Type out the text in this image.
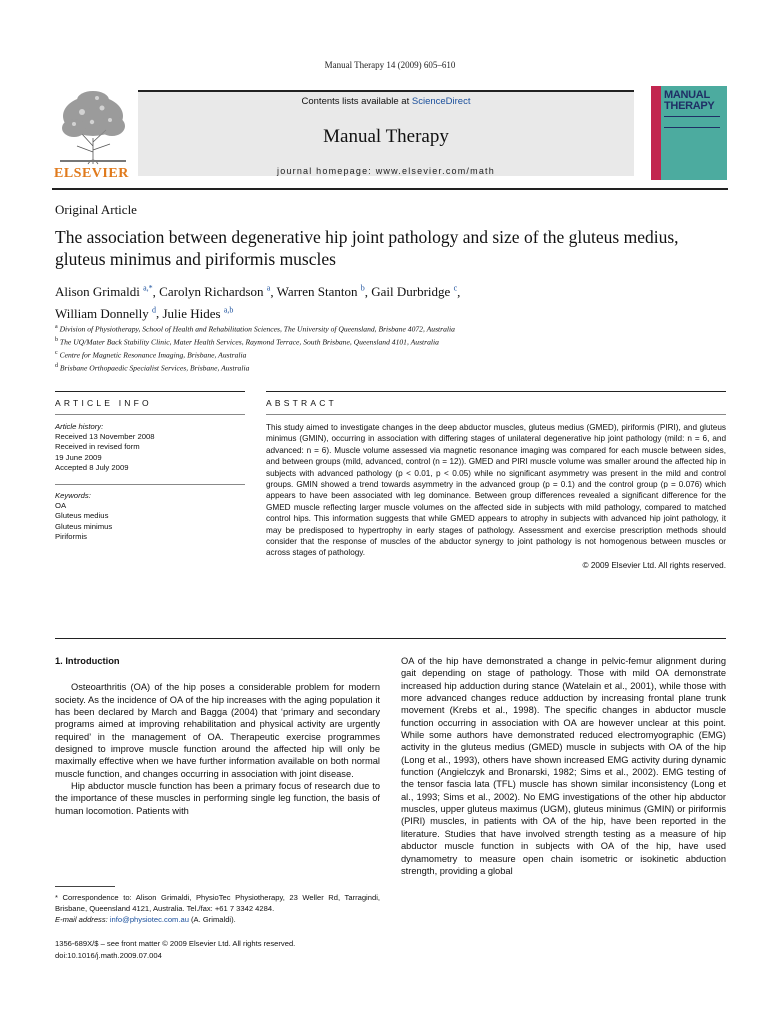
Manual Therapy 14 (2009) 605–610
ELSEVIER
Contents lists available at ScienceDirect
Manual Therapy
journal homepage: www.elsevier.com/math
MANUAL
THERAPY
Original Article
The association between degenerative hip joint pathology and size of the gluteus medius, gluteus minimus and piriformis muscles
Alison Grimaldi $^{a,*}$, Carolyn Richardson $^a$, Warren Stanton $^b$, Gail Durbridge $^c$,
William Donnelly $^d$, Julie Hides $^{a,b}$
$^a$ Division of Physiotherapy, School of Health and Rehabilitation Sciences, The University of Queensland, Brisbane 4072, Australia
$^b$ The UQ/Mater Back Stability Clinic, Mater Health Services, Raymond Terrace, South Brisbane, Queensland 4101, Australia
$^c$ Centre for Magnetic Resonance Imaging, Brisbane, Australia
$^d$ Brisbane Orthopaedic Specialist Services, Brisbane, Australia
ARTICLE INFO	ABSTRACT
Article history:
Received 13 November 2008
Received in revised form
19 June 2009
Accepted 8 July 2009
Keywords:
OA
Gluteus medius
Gluteus minimus
Piriformis
This study aimed to investigate changes in the deep abductor muscles, gluteus medius (GMED), piriformis (PIRI), and gluteus minimus (GMIN), occurring in association with differing stages of unilateral degenerative hip joint pathology (mild: n = 6, and advanced: n = 6). Muscle volume assessed via magnetic resonance imaging was compared for each muscle between sides, and between groups (mild, advanced, control (n = 12)). GMED and PIRI muscle volume was smaller around the affected hip in subjects with advanced pathology (p < 0.01, p < 0.05) while no significant asymmetry was present in the mild and control groups. GMIN showed a trend towards asymmetry in the advanced group (p = 0.1) and the control group (p = 0.076) which appears to have been associated with leg dominance. Between group differences revealed a significant difference for the GMED muscle reflecting larger muscle volumes on the affected side in subjects with mild pathology, compared to matched control hips. This information suggests that while GMED appears to atrophy in subjects with advanced hip joint pathology, it may be predisposed to hypertrophy in early stages of pathology. Assessment and exercise prescription methods should consider that the response of muscles of the abductor synergy to joint pathology is not homogenous between muscles or across stages of pathology.
© 2009 Elsevier Ltd. All rights reserved.
1. Introduction

Osteoarthritis (OA) of the hip poses a considerable problem for modern society. As the incidence of OA of the hip increases with the aging population it has been declared by March and Bagga (2004) that ‘primary and secondary programs aimed at improving rehabilitation and physical activity are urgently required’ in the management of OA. Therapeutic exercise programmes designed to improve muscle function around the affected hip will only be maximally effective when we have further information available on both normal muscle function, and changes occurring in association with joint disease.

Hip abductor muscle function has been a primary focus of research due to the importance of these muscles in performing single leg function, the basis of human locomotion. Patients with

OA of the hip have demonstrated a change in pelvic-femur alignment during gait depending on stage of pathology. Those with mild OA demonstrate increased hip adduction during stance (Watelain et al., 2001), while those with more advanced changes reduce adduction by increasing frontal plane trunk movement (Krebs et al., 1998). The specific changes in abductor muscle function occurring in association with OA are however unclear at this point. While some authors have demonstrated reduced electromyographic (EMG) activity in the gluteus medius (GMED) muscle in subjects with OA of the hip (Long et al., 1993), others have shown increased EMG activity during dynamic function (Angielczyk and Bronarski, 1982; Sims et al., 2002). EMG testing of the tensor fascia lata (TFL) muscle has shown similar inconsistency (Long et al., 1993; Sims et al., 2002). No EMG investigations of the other hip abductor muscles, upper gluteus maximus (UGM), gluteus minimus (GMIN) or piriformis (PIRI) muscles, in patients with OA of the hip, have been reported in the literature. Studies that have involved strength testing as a measure of hip abductor muscle function in subjects with OA of the hip, have used dynamometry to measure open chain isometric or isokinetic abduction strength, providing a global

* Correspondence to: Alison Grimaldi, PhysioTec Physiotherapy, 23 Weller Rd, Tarragindi, Brisbane, Queensland 4121, Australia. Tel./fax: +61 7 3342 4284.
E-mail address: info@physiotec.com.au (A. Grimaldi).
1356-689X/$ – see front matter © 2009 Elsevier Ltd. All rights reserved.
doi:10.1016/j.math.2009.07.004
